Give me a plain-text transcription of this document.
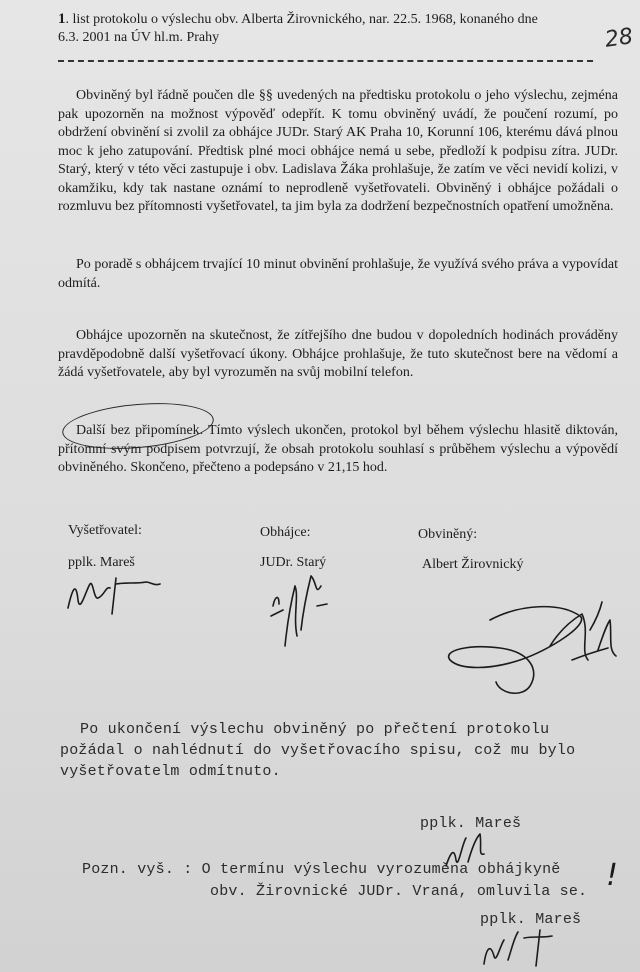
1. list protokolu o výslechu obv. Alberta Žirovnického, nar. 22.5. 1968, konaného dne
6.3. 2001 na ÚV hl.m. Prahy	28
Obviněný byl řádně poučen dle §§ uvedených na předtisku protokolu o jeho výslechu, zejména pak upozorněn na možnost výpověď odepřít. K tomu obviněný uvádí, že poučení rozumí, po obdržení obvinění si zvolil za obhájce JUDr. Starý AK Praha 10, Korunní 106, kterému dává plnou moc k jeho zatupování. Předtisk plné moci obhájce nemá u sebe, předloží k podpisu zítra. JUDr. Starý, který v této věci zastupuje i obv. Ladislava Žáka prohlašuje, že zatím ve věci nevidí kolizi, v okamžiku, kdy tak nastane oznámí to neprodleně vyšetřovateli. Obviněný i obhájce požádali o rozmluvu bez přítomnosti vyšetřovatel, ta jim byla za dodržení bezpečnostních opatření umožněna.
Po poradě s obhájcem trvající 10 minut obvinění prohlašuje, že využívá svého práva a vypovídat odmítá.
Obhájce upozorněn na skutečnost, že zítřejšího dne budou v dopoledních hodinách prováděny pravděpodobně další vyšetřovací úkony. Obhájce prohlašuje, že tuto skutečnost bere na vědomí a žádá vyšetřovatele, aby byl vyrozuměn na svůj mobilní telefon.
Další bez připomínek. Tímto výslech ukončen, protokol byl během výslechu hlasitě diktován, přítomní svým podpisem potvrzují, že obsah protokolu souhlasí s průběhem výslechu a výpovědí obviněného. Skončeno, přečteno a podepsáno v 21,15 hod.
Vyšetřovatel:
pplk. Mareš
Obhájce:
JUDr. Starý
Obviněný:
Albert Žirovnický
Po ukončení výslechu obviněný po přečtení protokolu
požádal o nahlédnutí do vyšetřovacího spisu, což mu bylo
vyšetřovatelm odmítnuto.
pplk. Mareš
Pozn. vyš. : O termínu výslechu vyrozuměna obhájkyně
obv. Žirovnické JUDr. Vraná, omluvila se. !
pplk. Mareš
